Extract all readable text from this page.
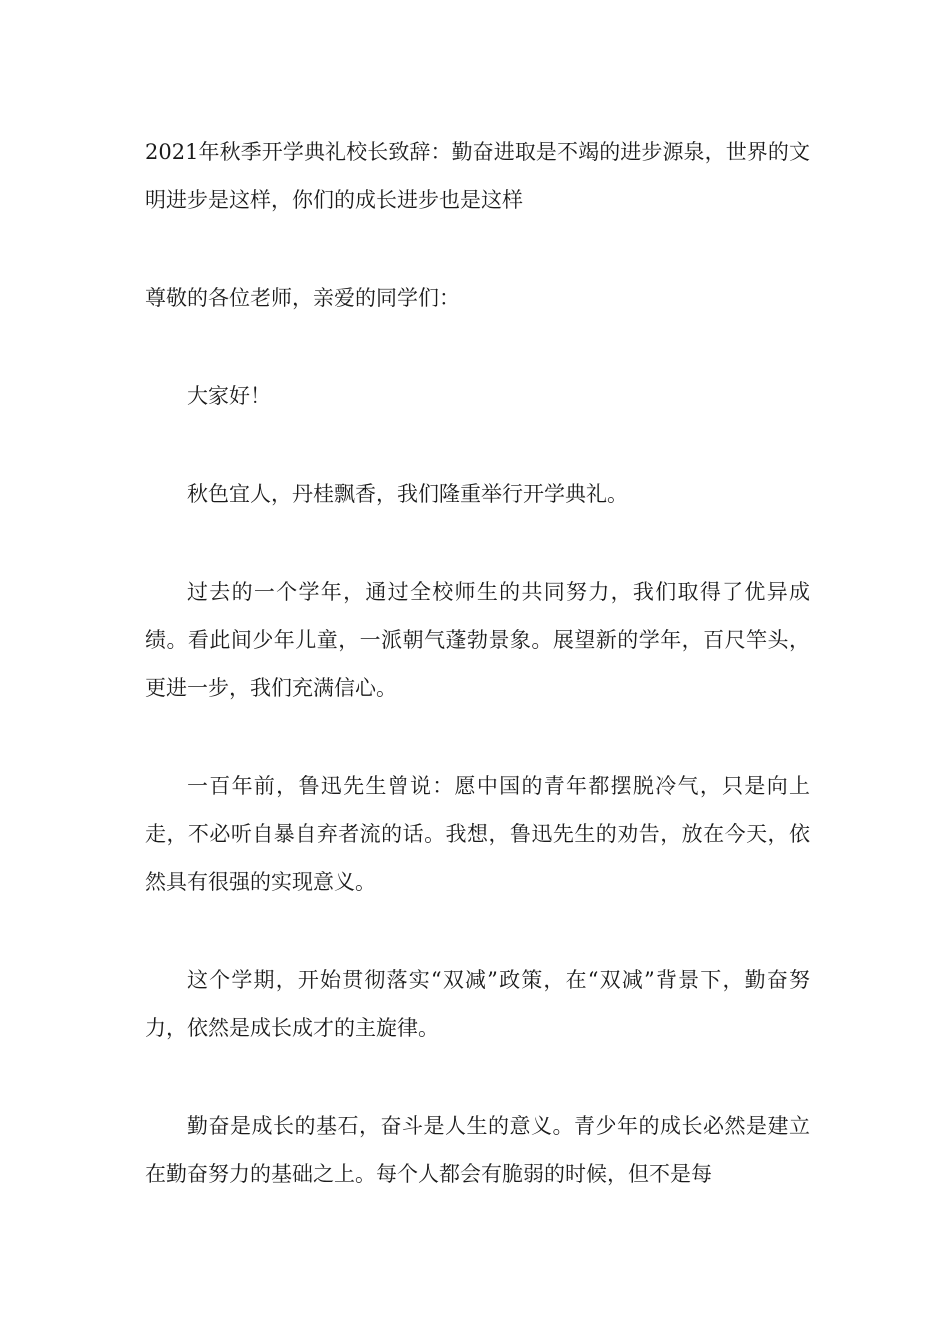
2021年秋季开学典礼校长致辞：勤奋进取是不竭的进步源泉，世界的文明进步是这样，你们的成长进步也是这样

尊敬的各位老师，亲爱的同学们：

大家好！

秋色宜人，丹桂飘香，我们隆重举行开学典礼。

过去的一个学年，通过全校师生的共同努力，我们取得了优异成绩。看此间少年儿童，一派朝气蓬勃景象。展望新的学年，百尺竿头，更进一步，我们充满信心。

一百年前，鲁迅先生曾说：愿中国的青年都摆脱冷气，只是向上走，不必听自暴自弃者流的话。我想，鲁迅先生的劝告，放在今天，依然具有很强的实现意义。

这个学期，开始贯彻落实“双减”政策，在“双减”背景下，勤奋努力，依然是成长成才的主旋律。

勤奋是成长的基石，奋斗是人生的意义。青少年的成长必然是建立在勤奋努力的基础之上。每个人都会有脆弱的时候，但不是每
